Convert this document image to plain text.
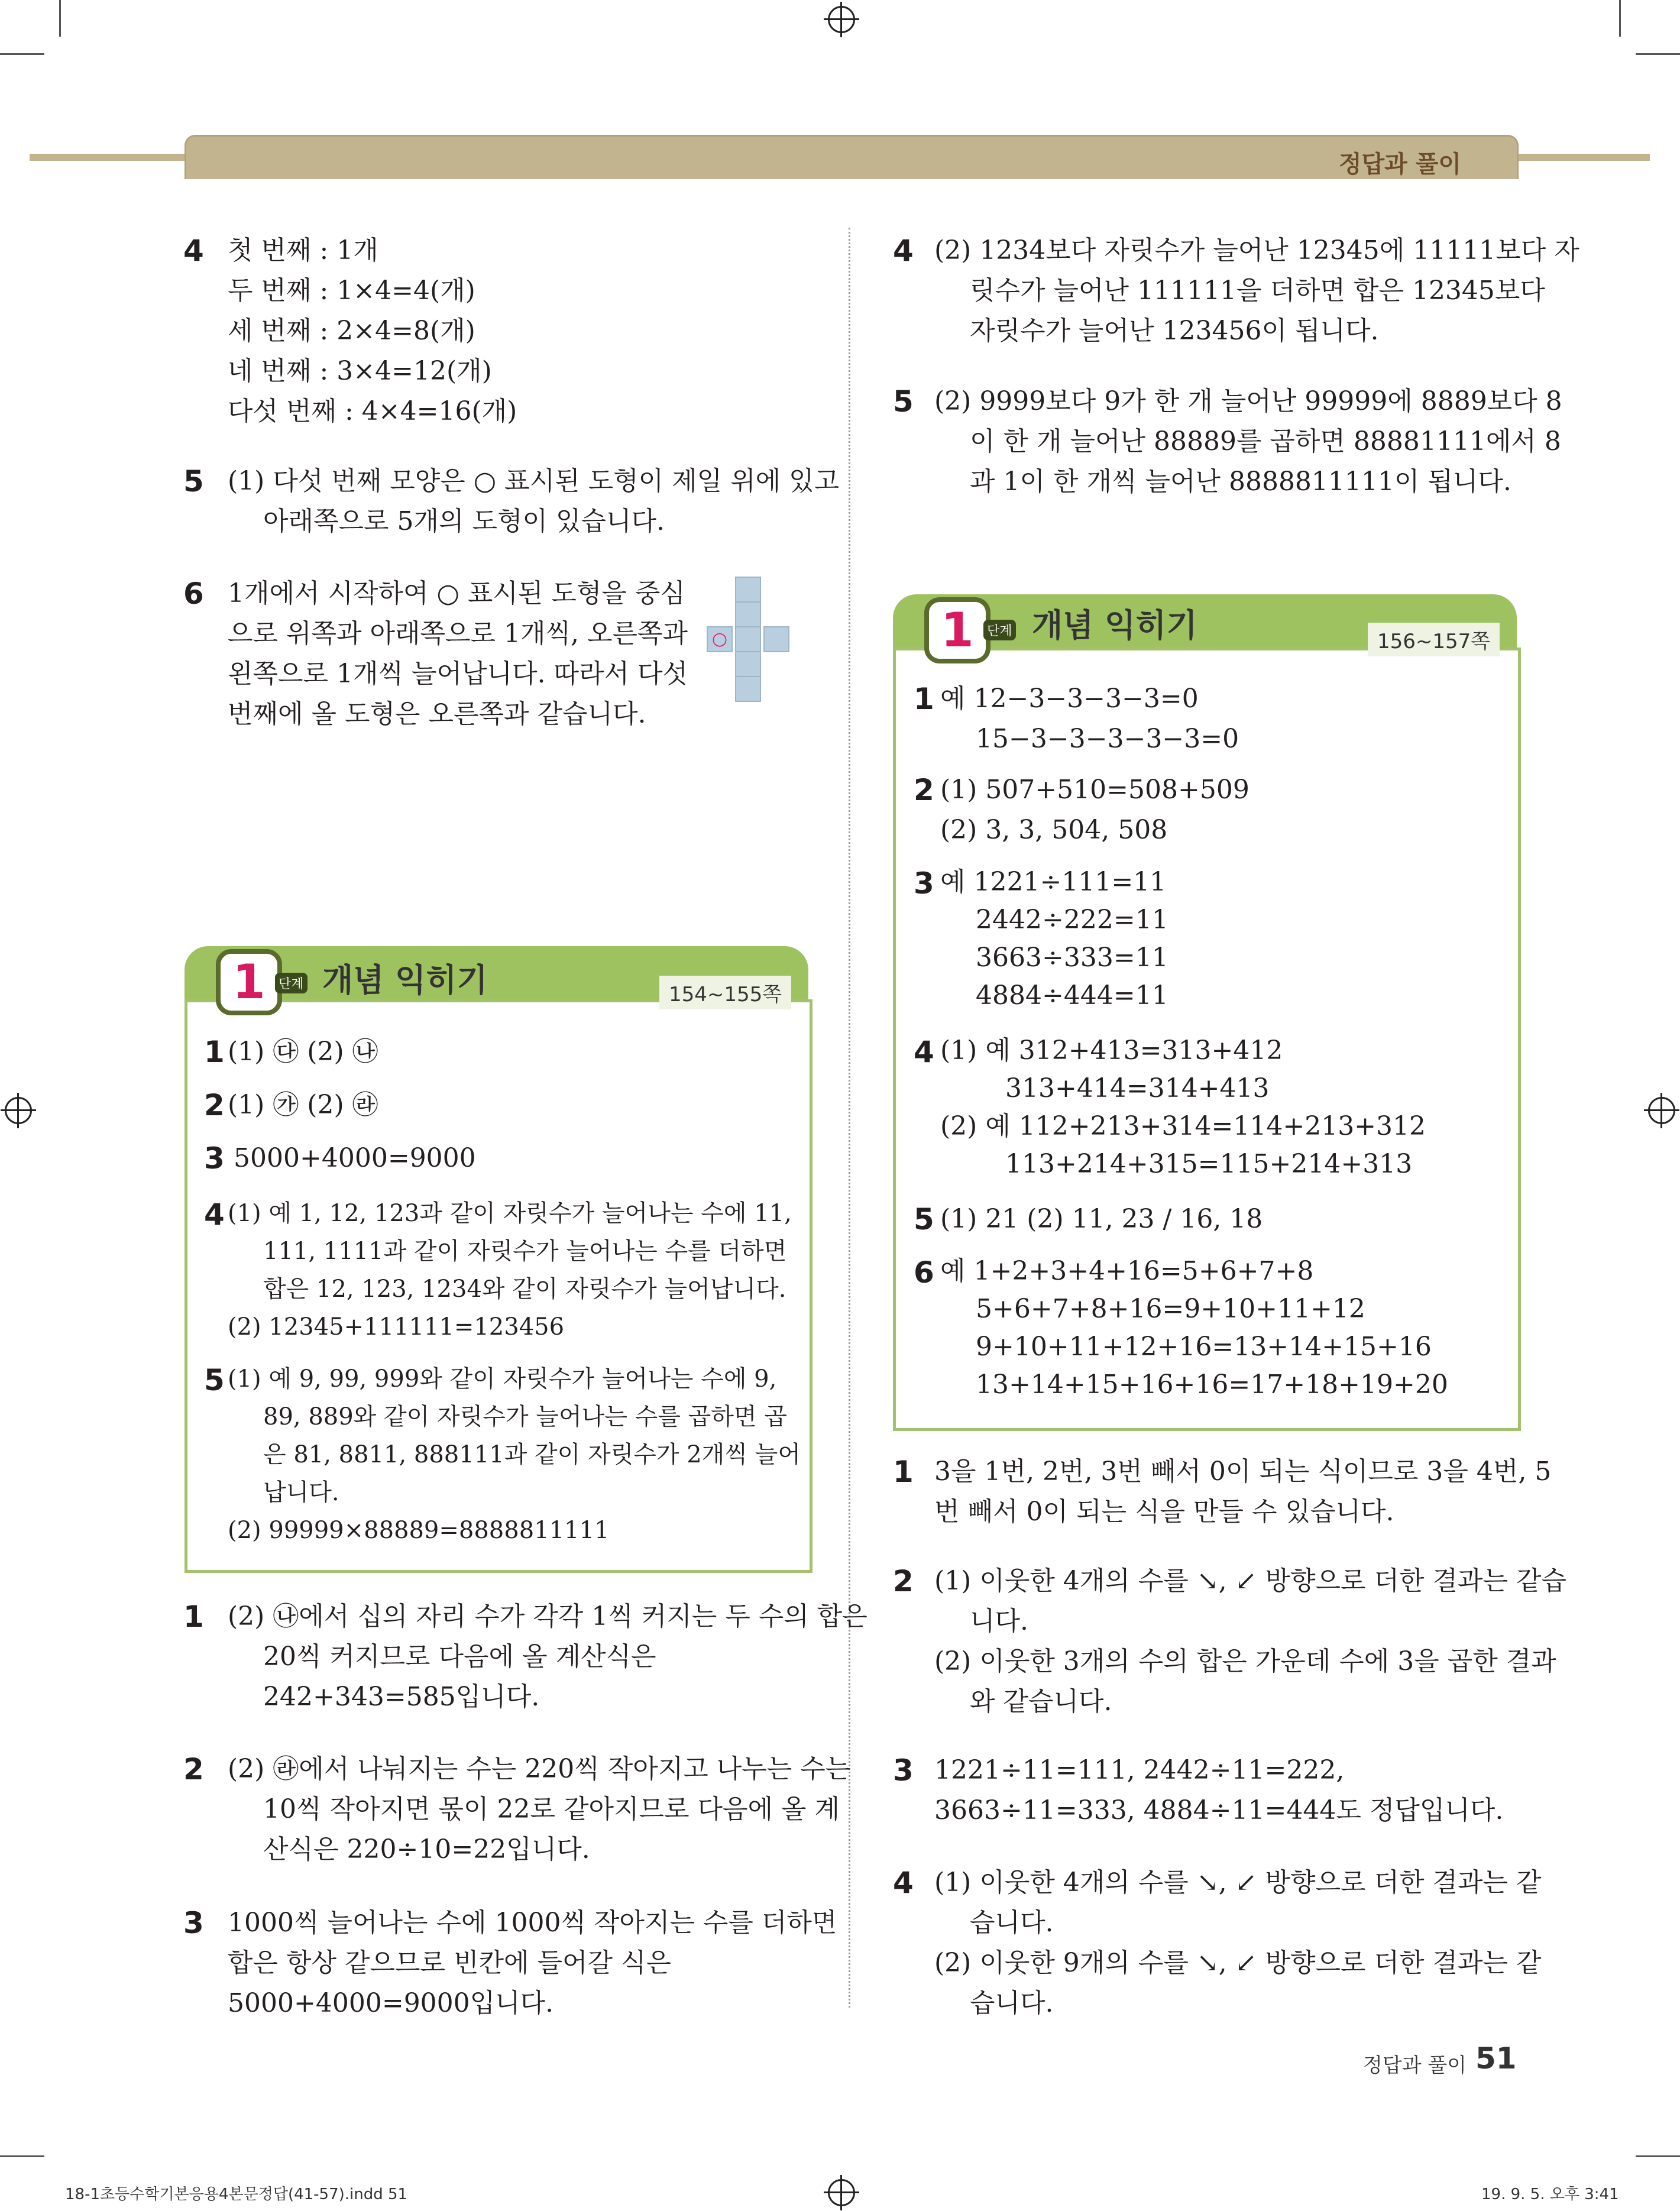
정답과 풀이
4 첫 번째 : 1개
두 번째 : 1×4=4(개)
세 번째 : 2×4=8(개)
네 번째 : 3×4=12(개)
다섯 번째 : 4×4=16(개)
5 (1) 다섯 번째 모양은 ○ 표시된 도형이 제일 위에 있고
아래쪽으로 5개의 도형이 있습니다.
6 1개에서 시작하여 ○ 표시된 도형을 중심
으로 위쪽과 아래쪽으로 1개씩, 오른쪽과
왼쪽으로 1개씩 늘어납니다. 따라서 다섯
번째에 올 도형은 오른쪽과 같습니다.
○
1	단계 개념 익히기	154~155쪽
1 (1) ㉰ (2) ㉯
2 (1) ㉮ (2) ㉱
3 5000+4000=9000
4 (1) 예 1, 12, 123과 같이 자릿수가 늘어나는 수에 11,
111, 1111과 같이 자릿수가 늘어나는 수를 더하면
합은 12, 123, 1234와 같이 자릿수가 늘어납니다.
(2) 12345+111111=123456
5 (1) 예 9, 99, 999와 같이 자릿수가 늘어나는 수에 9,
89, 889와 같이 자릿수가 늘어나는 수를 곱하면 곱
은 81, 8811, 888111과 같이 자릿수가 2개씩 늘어
납니다.
(2) 99999×88889=8888811111
1 (2) ㉯에서 십의 자리 수가 각각 1씩 커지는 두 수의 합은
20씩 커지므로 다음에 올 계산식은
242+343=585입니다.
2 (2) ㉱에서 나눠지는 수는 220씩 작아지고 나누는 수는
10씩 작아지면 몫이 22로 같아지므로 다음에 올 계
산식은 220÷10=22입니다.
3 1000씩 늘어나는 수에 1000씩 작아지는 수를 더하면
합은 항상 같으므로 빈칸에 들어갈 식은
5000+4000=9000입니다.
4 (2) 1234보다 자릿수가 늘어난 12345에 11111보다 자
릿수가 늘어난 111111을 더하면 합은 12345보다
자릿수가 늘어난 123456이 됩니다.
5 (2) 9999보다 9가 한 개 늘어난 99999에 8889보다 8
이 한 개 늘어난 88889를 곱하면 88881111에서 8
과 1이 한 개씩 늘어난 8888811111이 됩니다.
1	단계 개념 익히기	156~157쪽
1 예 12−3−3−3−3=0
15−3−3−3−3−3=0
2 (1) 507+510=508+509
(2) 3, 3, 504, 508
3 예 1221÷111=11
2442÷222=11
3663÷333=11
4884÷444=11
4 (1) 예 312+413=313+412
313+414=314+413
(2) 예 112+213+314=114+213+312
113+214+315=115+214+313
5 (1) 21 (2) 11, 23 / 16, 18
6 예 1+2+3+4+16=5+6+7+8
5+6+7+8+16=9+10+11+12
9+10+11+12+16=13+14+15+16
13+14+15+16+16=17+18+19+20
1 3을 1번, 2번, 3번 빼서 0이 되는 식이므로 3을 4번, 5
번 빼서 0이 되는 식을 만들 수 있습니다.
2 (1) 이웃한 4개의 수를 ↘, ↙ 방향으로 더한 결과는 같습
니다.
(2) 이웃한 3개의 수의 합은 가운데 수에 3을 곱한 결과
와 같습니다.
3 1221÷11=111, 2442÷11=222,
3663÷11=333, 4884÷11=444도 정답입니다.
4 (1) 이웃한 4개의 수를 ↘, ↙ 방향으로 더한 결과는 같
습니다.
(2) 이웃한 9개의 수를 ↘, ↙ 방향으로 더한 결과는 같
습니다.
정답과 풀이 51
18-1초등수학기본응용4본문정답(41-57).indd 51	19. 9. 5. 오후 3:41
